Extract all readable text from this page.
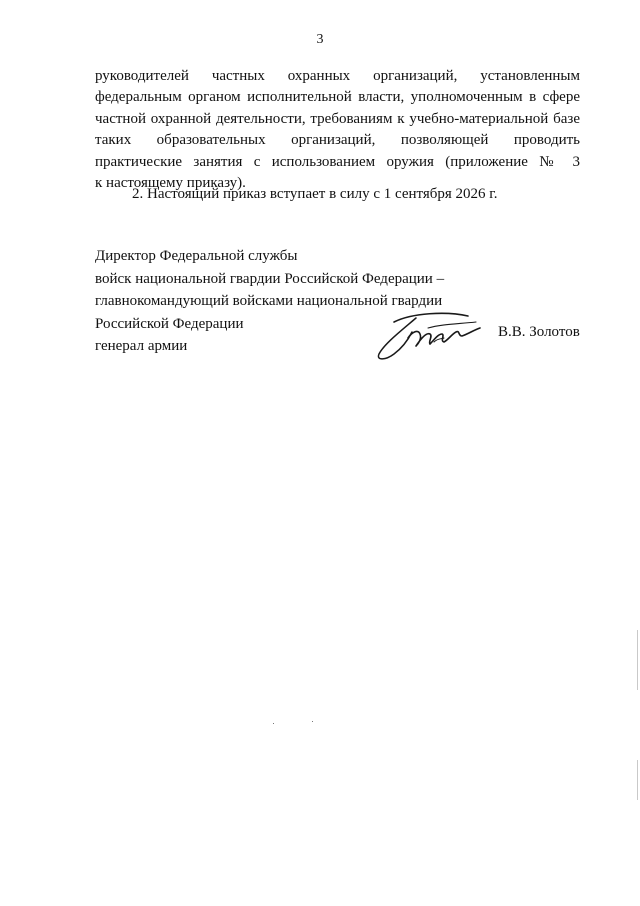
3
руководителей частных охранных организаций, установленным
федеральным органом исполнительной власти, уполномоченным в сфере
частной охранной деятельности, требованиям к учебно-материальной базе
таких образовательных организаций, позволяющей проводить
практические занятия с использованием оружия (приложение № 3
к настоящему приказу).
2. Настоящий приказ вступает в силу с 1 сентября 2026 г.
Директор Федеральной службы
войск национальной гвардии Российской Федерации –
главнокомандующий войсками национальной гвардии
Российской Федерации
генерал армии
В.В. Золотов
